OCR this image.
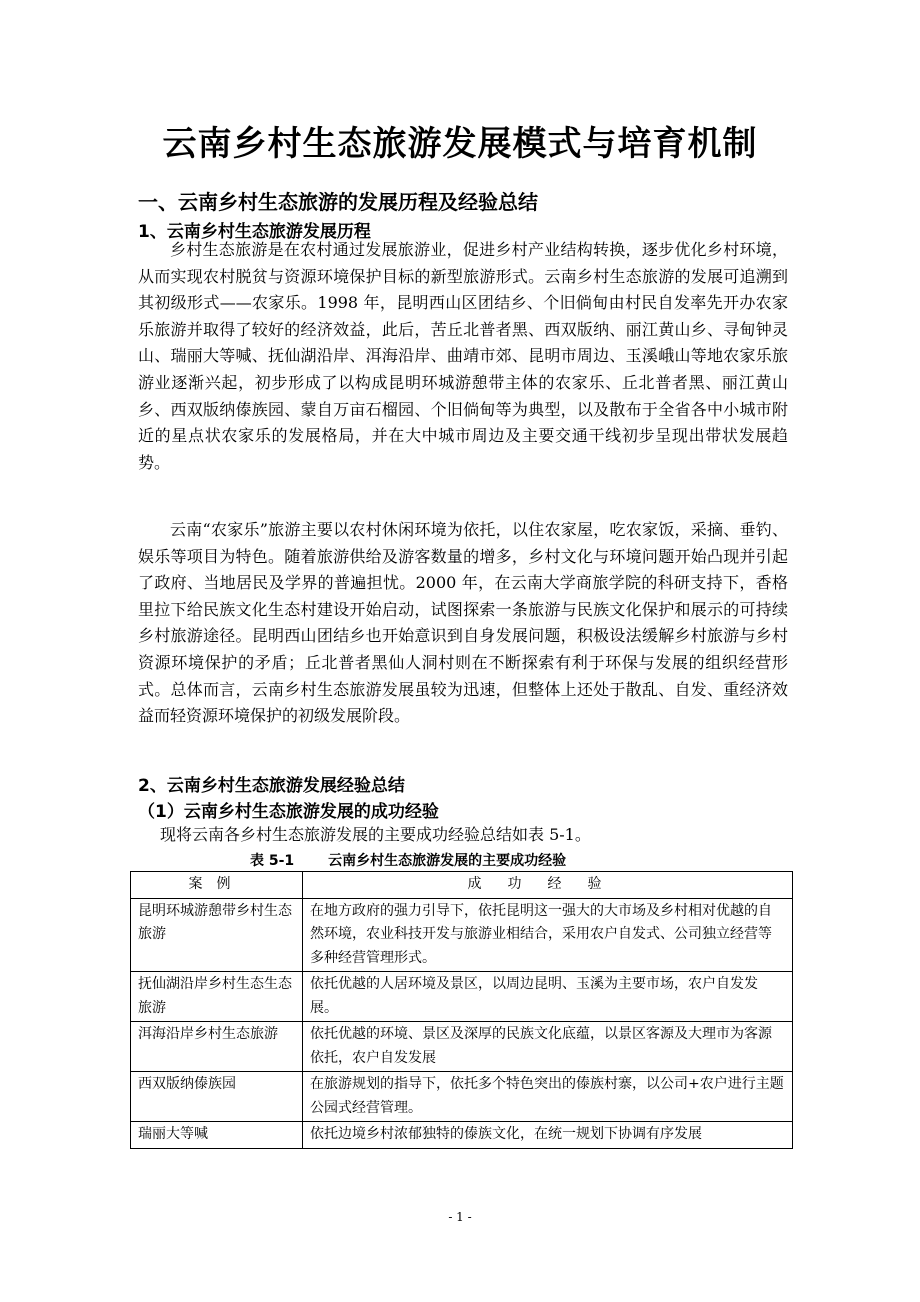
云南乡村生态旅游发展模式与培育机制
一、云南乡村生态旅游的发展历程及经验总结
1、云南乡村生态旅游发展历程

乡村生态旅游是在农村通过发展旅游业，促进乡村产业结构转换，逐步优化乡村环境，从而实现农村脱贫与资源环境保护目标的新型旅游形式。云南乡村生态旅游的发展可追溯到其初级形式——农家乐。1998 年，昆明西山区团结乡、个旧倘甸由村民自发率先开办农家乐旅游并取得了较好的经济效益，此后，苦丘北普者黑、西双版纳、丽江黄山乡、寻甸钟灵山、瑞丽大等喊、抚仙湖沿岸、洱海沿岸、曲靖市郊、昆明市周边、玉溪峨山等地农家乐旅游业逐渐兴起，初步形成了以构成昆明环城游憩带主体的农家乐、丘北普者黑、丽江黄山乡、西双版纳傣族园、蒙自万亩石榴园、个旧倘甸等为典型，以及散布于全省各中小城市附近的星点状农家乐的发展格局，并在大中城市周边及主要交通干线初步呈现出带状发展趋势。

云南“农家乐”旅游主要以农村休闲环境为依托，以住农家屋，吃农家饭，采摘、垂钓、娱乐等项目为特色。随着旅游供给及游客数量的增多，乡村文化与环境问题开始凸现并引起了政府、当地居民及学界的普遍担忧。2000 年，在云南大学商旅学院的科研支持下，香格里拉下给民族文化生态村建设开始启动，试图探索一条旅游与民族文化保护和展示的可持续乡村旅游途径。昆明西山团结乡也开始意识到自身发展问题，积极设法缓解乡村旅游与乡村资源环境保护的矛盾；丘北普者黑仙人洞村则在不断探索有利于环保与发展的组织经营形式。总体而言，云南乡村生态旅游发展虽较为迅速，但整体上还处于散乱、自发、重经济效益而轻资源环境保护的初级发展阶段。

2、云南乡村生态旅游发展经验总结
（1）云南乡村生态旅游发展的成功经验
现将云南各乡村生态旅游发展的主要成功经验总结如表 5-1。
表 5-1 云南乡村生态旅游发展的主要成功经验
案例	成功经验
昆明环城游憩带乡村生态旅游	在地方政府的强力引导下，依托昆明这一强大的大市场及乡村相对优越的自然环境，农业科技开发与旅游业相结合，采用农户自发式、公司独立经营等多种经营管理形式。
抚仙湖沿岸乡村生态生态旅游	依托优越的人居环境及景区，以周边昆明、玉溪为主要市场，农户自发发展。
洱海沿岸乡村生态旅游	依托优越的环境、景区及深厚的民族文化底蕴，以景区客源及大理市为客源依托，农户自发发展
西双版纳傣族园	在旅游规划的指导下，依托多个特色突出的傣族村寨，以公司+农户进行主题公园式经营管理。
瑞丽大等喊	依托边境乡村浓郁独特的傣族文化，在统一规划下协调有序发展
- 1 -
